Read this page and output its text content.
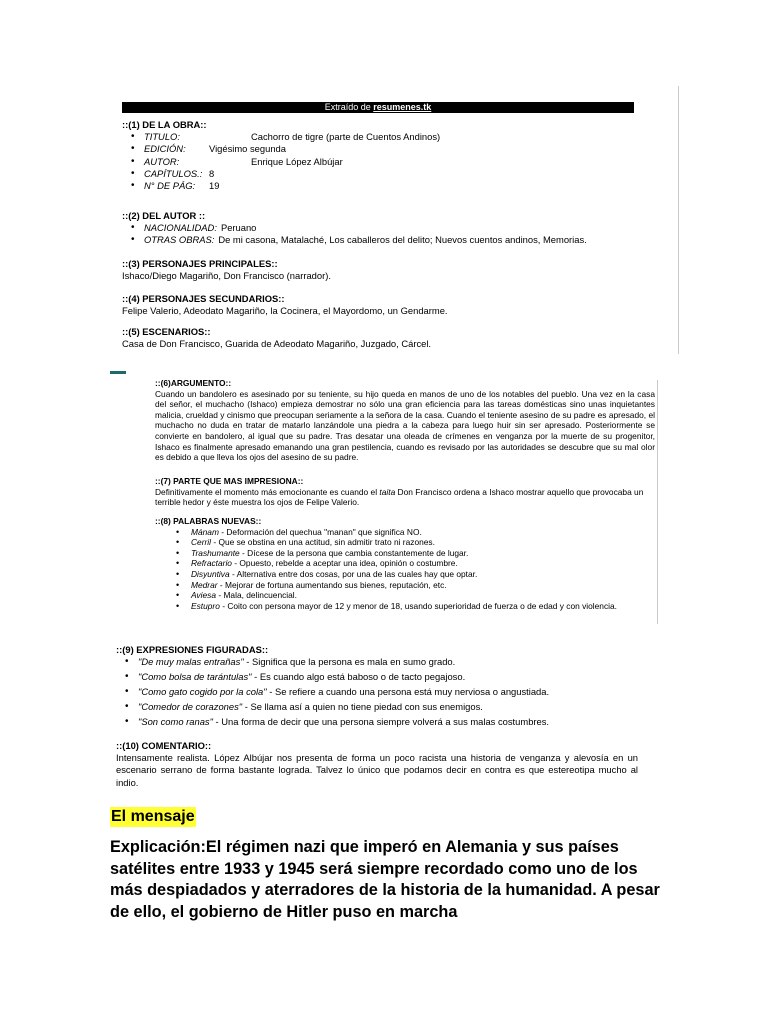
Extraído de resumenes.tk
::(1) DE LA OBRA::
• TITULO:	Cachorro de tigre (parte de Cuentos Andinos)
• EDICIÓN: Vigésimo segunda
• AUTOR:	Enrique López Albújar
• CAPÍTULOS.: 8
• N° DE PÁG: 19
::(2) DEL AUTOR ::
• NACIONALIDAD: Peruano
• OTRAS OBRAS: De mi casona, Matalaché, Los caballeros del delito; Nuevos cuentos andinos, Memorias.
::(3) PERSONAJES PRINCIPALES::
Ishaco/Diego Magariño, Don Francisco (narrador).
::(4) PERSONAJES SECUNDARIOS::
Felipe Valerio, Adeodato Magariño, la Cocinera, el Mayordomo, un Gendarme.
::(5) ESCENARIOS::
Casa de Don Francisco, Guarida de Adeodato Magariño, Juzgado, Cárcel.
::(6)ARGUMENTO::
Cuando un bandolero es asesinado por su teniente, su hijo queda en manos de uno de los notables del pueblo. Una vez en la casa del señor, el muchacho (Ishaco) empieza demostrar no sólo una gran eficiencia para las tareas domésticas sino unas inquietantes malicia, crueldad y cinismo que preocupan seriamente a la señora de la casa. Cuando el teniente asesino de su padre es apresado, el muchacho no duda en tratar de matarlo lanzándole una piedra a la cabeza para luego huir sin ser apresado. Posteriormente se convierte en bandolero, al igual que su padre. Tras desatar una oleada de crímenes en venganza por la muerte de su progenitor, Ishaco es finalmente apresado emanando una gran pestilencia, cuando es revisado por las autoridades se descubre que su mal olor es debido a que lleva los ojos del asesino de su padre.
::(7) PARTE QUE MAS IMPRESIONA::
Definitivamente el momento más emocionante es cuando el taita Don Francisco ordena a Ishaco mostrar aquello que provocaba un terrible hedor y éste muestra los ojos de Felipe Valerio.
::(8) PALABRAS NUEVAS::
• Mánam - Deformación del quechua "manan" que significa NO.
• Cerril - Que se obstina en una actitud, sin admitir trato ni razones.
• Trashumante - Dícese de la persona que cambia constantemente de lugar.
• Refractario - Opuesto, rebelde a aceptar una idea, opinión o costumbre.
• Disyuntiva - Alternativa entre dos cosas, por una de las cuales hay que optar.
• Medrar - Mejorar de fortuna aumentando sus bienes, reputación, etc.
• Aviesa - Mala, delincuencial.
• Estupro - Coito con persona mayor de 12 y menor de 18, usando superioridad de fuerza o de edad y con violencia.
::(9) EXPRESIONES FIGURADAS::
• "De muy malas entrañas" - Significa que la persona es mala en sumo grado.
• "Como bolsa de tarántulas" - Es cuando algo está baboso o de tacto pegajoso.
• "Como gato cogido por la cola" - Se refiere a cuando una persona está muy nerviosa o angustiada.
• "Comedor de corazones" - Se llama así a quien no tiene piedad con sus enemigos.
• "Son como ranas" - Una forma de decir que una persona siempre volverá a sus malas costumbres.
::(10) COMENTARIO::
Intensamente realista. López Albújar nos presenta de forma un poco racista una historia de venganza y alevosía en un escenario serrano de forma bastante lograda. Talvez lo único que podamos decir en contra es que estereotipa mucho al indio.
El mensaje
Explicación:El régimen nazi que imperó en Alemania y sus países satélites entre 1933 y 1945 será siempre recordado como uno de los más despiadados y aterradores de la historia de la humanidad. A pesar de ello, el gobierno de Hitler puso en marcha
